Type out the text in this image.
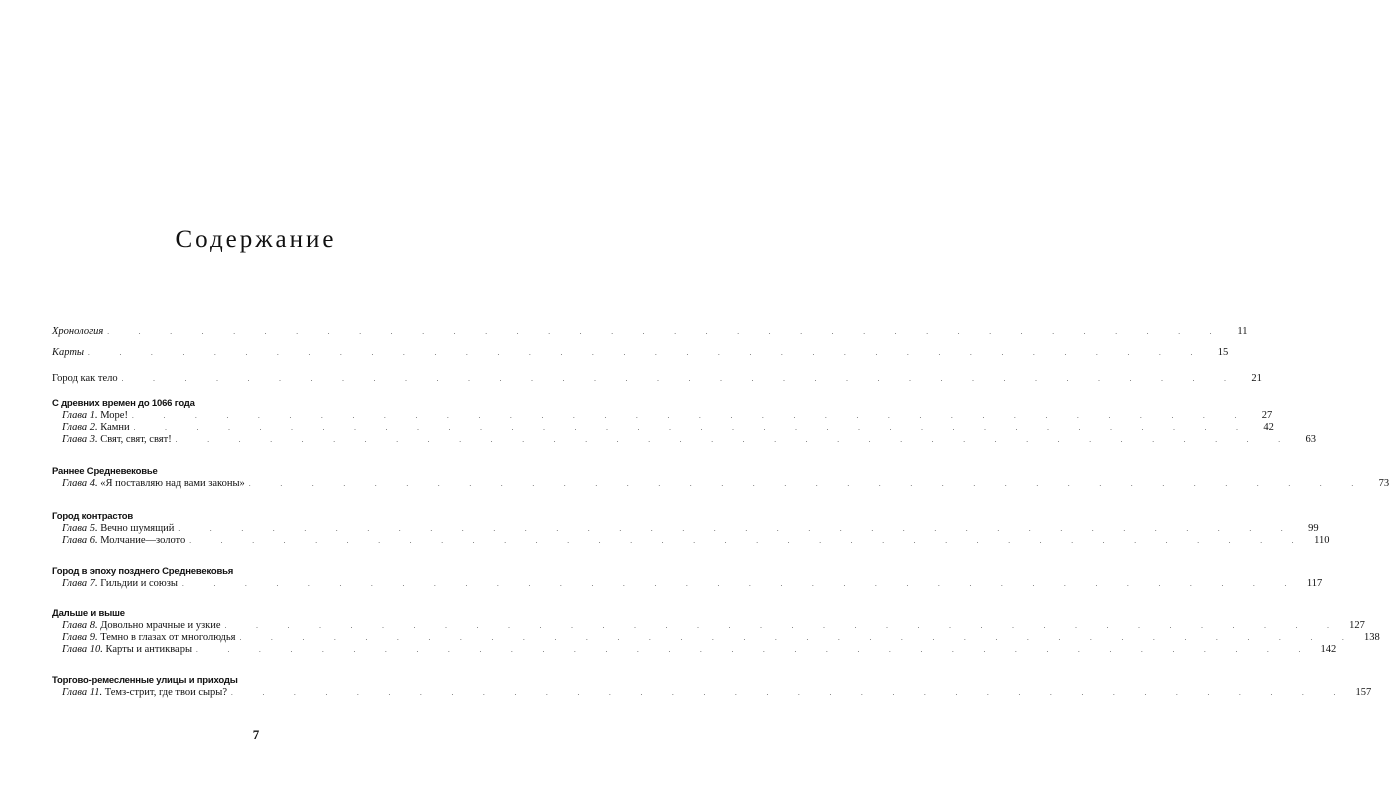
Содержание
Хронология . . . . . . . . . . . . . . . . . . . . . . . . . . . . . . . . . . . .	11
Карты . . . . . . . . . . . . . . . . . . . . . . . . . . . . . . . . . . . .	15
Город как тело . . . . . . . . . . . . . . . . . . . . . . . . . . . . . . . . . . . .	21
С древних времен до 1066 года
Глава 1. Море! . . . . . . . . . . . . . . . . . . . . . . . . . . . . . . . . . . . .	27
Глава 2. Камни . . . . . . . . . . . . . . . . . . . . . . . . . . . . . . . . . . . .	42
Глава 3. Свят, свят, свят! . . . . . . . . . . . . . . . . . . . . . . . . . . . . . . . . . . . .	63
Раннее Средневековье
Глава 4. «Я поставляю над вами законы» . . . . . . . . . . . . . . . . . . . . . . . . . . . . . . . . . . . .	73
Город контрастов
Глава 5. Вечно шумящий . . . . . . . . . . . . . . . . . . . . . . . . . . . . . . . . . . . .	99
Глава 6. Молчание—золото . . . . . . . . . . . . . . . . . . . . . . . . . . . . . . . . . . . . 110
Город в эпоху позднего Средневековья
Глава 7. Гильдии и союзы . . . . . . . . . . . . . . . . . . . . . . . . . . . . . . . . . . . . 117
Дальше и выше
Глава 8. Довольно мрачные и узкие . . . . . . . . . . . . . . . . . . . . . . . . . . . . . . . . . . . . 127
Глава 9. Темно в глазах от многолюдья . . . . . . . . . . . . . . . . . . . . . . . . . . . . . . . . . . . . 138
Глава 10. Карты и антиквары . . . . . . . . . . . . . . . . . . . . . . . . . . . . . . . . . . . . 142
Торгово-ремесленные улицы и приходы
Глава 11. Темз-стрит, где твои сыры? . . . . . . . . . . . . . . . . . . . . . . . . . . . . . . . . . . . . 157
7
